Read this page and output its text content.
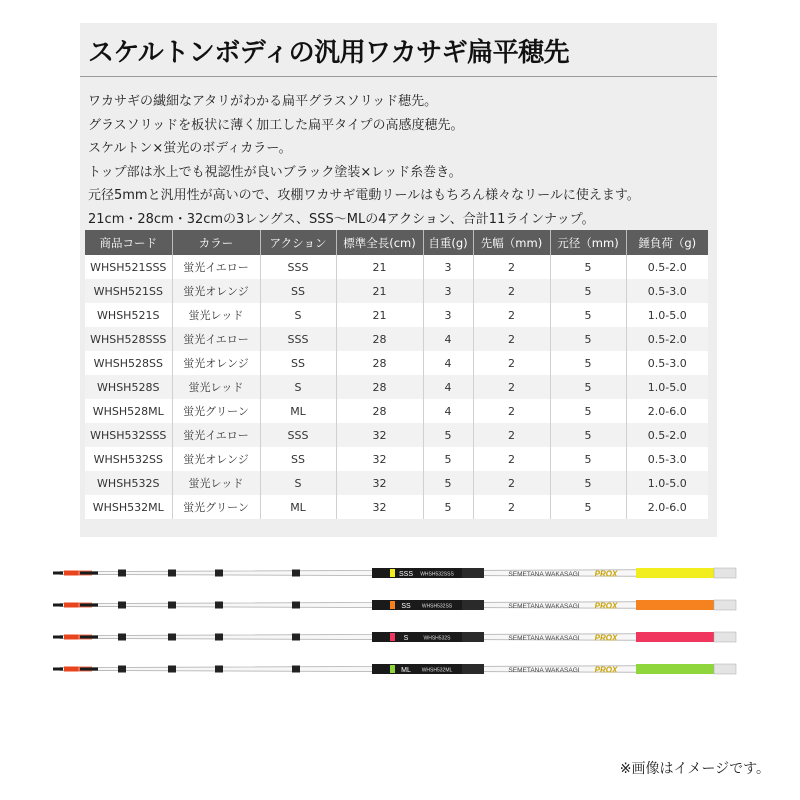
スケルトンボディの汎用ワカサギ扁平穂先
ワカサギの繊細なアタリがわかる扁平グラスソリッド穂先。
グラスソリッドを板状に薄く加工した扁平タイプの高感度穂先。
スケルトン×蛍光のボディカラー。
トップ部は氷上でも視認性が良いブラック塗装×レッド糸巻き。
元径5mmと汎用性が高いので、攻棚ワカサギ電動リールはもちろん様々なリールに使えます。
21cm・28cm・32cmの3レングス、SSS〜MLの4アクション、合計11ラインナップ。
商品コード	カラー	アクション	標準全長(cm)	自重(g)	先幅（mm)	元径（mm)	錘負荷（g)
WHSH521SSS	蛍光イエロー	SSS	21	3	2	5	0.5-2.0
WHSH521SS	蛍光オレンジ	SS	21	3	2	5	0.5-3.0
WHSH521S	蛍光レッド	S	21	3	2	5	1.0-5.0
WHSH528SSS	蛍光イエロー	SSS	28	4	2	5	0.5-2.0
WHSH528SS	蛍光オレンジ	SS	28	4	2	5	0.5-3.0
WHSH528S	蛍光レッド	S	28	4	2	5	1.0-5.0
WHSH528ML	蛍光グリーン	ML	28	4	2	5	2.0-6.0
WHSH532SSS	蛍光イエロー	SSS	32	5	2	5	0.5-2.0
WHSH532SS	蛍光オレンジ	SS	32	5	2	5	0.5-3.0
WHSH532S	蛍光レッド	S	32	5	2	5	1.0-5.0
WHSH532ML	蛍光グリーン	ML	32	5	2	5	2.0-6.0
SSS WHSH532SSS	SEMETANA WAKASAGI PROX
SS WHSH532SS	SEMETANA WAKASAGI PROX
S	WHSH532S	SEMETANA WAKASAGI PROX
ML WHSH532ML	SEMETANA WAKASAGI PROX
※画像はイメージです。
